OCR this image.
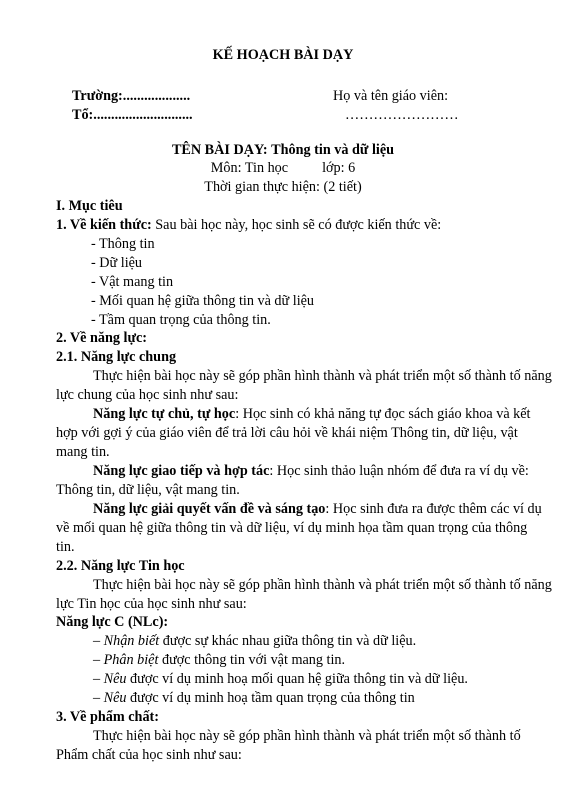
KẾ HOẠCH BÀI DẠY
Trường:...................
Tổ:............................
Họ và tên giáo viên:
……………………
TÊN BÀI DẠY: Thông tin và dữ liệu
Môn: Tin học lớp: 6
Thời gian thực hiện: (2 tiết)
I. Mục tiêu
1. Về kiến thức: Sau bài học này, học sinh sẽ có được kiến thức về:
- Thông tin
- Dữ liệu
- Vật mang tin
- Mối quan hệ giữa thông tin và dữ liệu
- Tầm quan trọng của thông tin.
2. Về năng lực:
2.1. Năng lực chung
Thực hiện bài học này sẽ góp phần hình thành và phát triển một số thành tố năng
lực chung của học sinh như sau:
Năng lực tự chủ, tự học: Học sinh có khả năng tự đọc sách giáo khoa và kết
hợp với gợi ý của giáo viên để trả lời câu hỏi về khái niệm Thông tin, dữ liệu, vật
mang tin.
Năng lực giao tiếp và hợp tác: Học sinh thảo luận nhóm để đưa ra ví dụ về:
Thông tin, dữ liệu, vật mang tin.
Năng lực giải quyết vấn đề và sáng tạo: Học sinh đưa ra được thêm các ví dụ
về mối quan hệ giữa thông tin và dữ liệu, ví dụ minh họa tầm quan trọng của thông
tin.
2.2. Năng lực Tin học
Thực hiện bài học này sẽ góp phần hình thành và phát triển một số thành tố năng
lực Tin học của học sinh như sau:
Năng lực C (NLc):
– Nhận biết được sự khác nhau giữa thông tin và dữ liệu.
– Phân biệt được thông tin với vật mang tin.
– Nêu được ví dụ minh hoạ mối quan hệ giữa thông tin và dữ liệu.
– Nêu được ví dụ minh hoạ tầm quan trọng của thông tin
3. Về phẩm chất:
Thực hiện bài học này sẽ góp phần hình thành và phát triển một số thành tố
Phẩm chất của học sinh như sau:
